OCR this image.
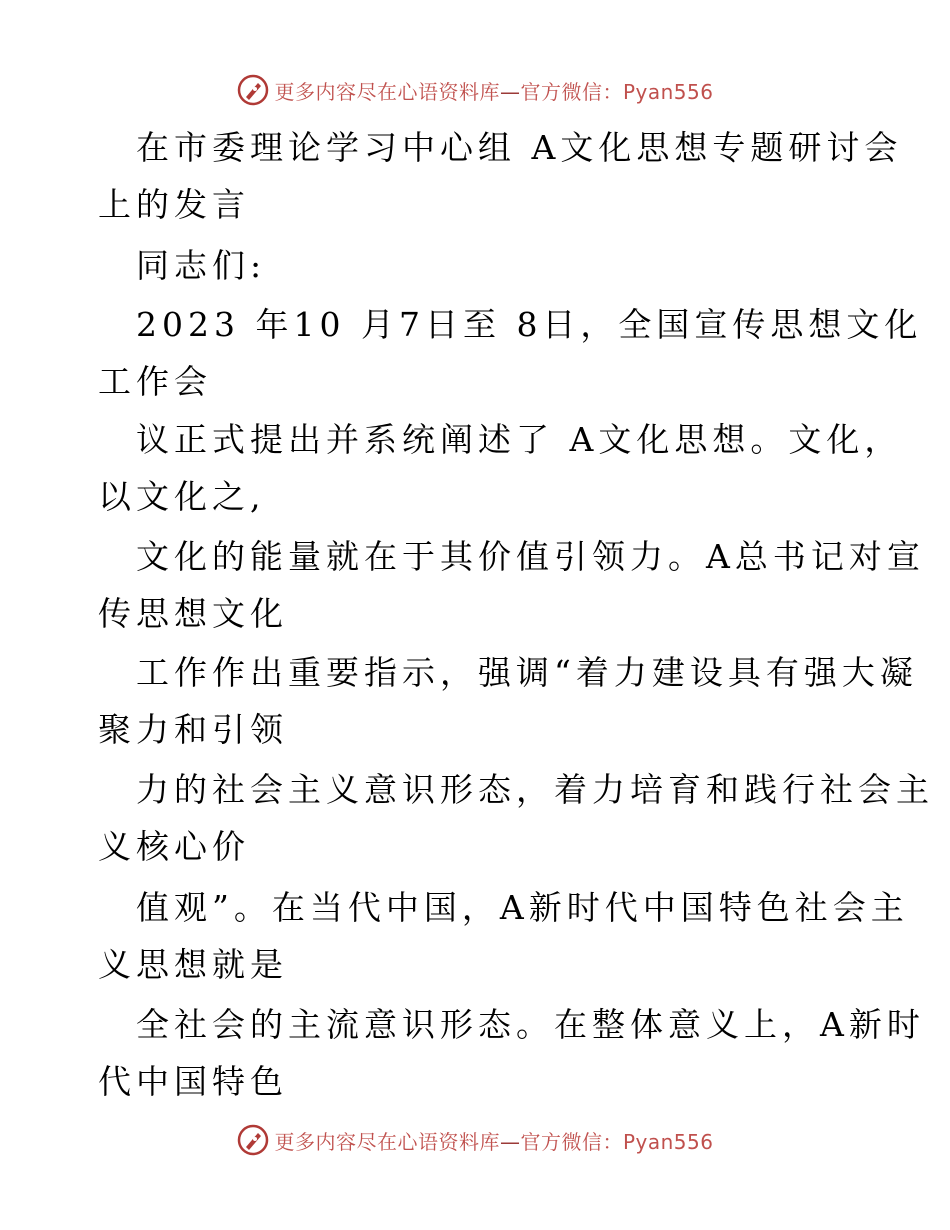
更多内容尽在心语资料库—官方微信：Pyan556
在市委理论学习中心组 A文化思想专题研讨会
上的发言
同志们:
2023 年10 月7日至 8日，全国宣传思想文化
工作会
议正式提出并系统阐述了 A文化思想。文化，
以文化之,
文化的能量就在于其价值引领力。A总书记对宣
传思想文化
工作作出重要指示，强调“着力建设具有强大凝
聚力和引领
力的社会主义意识形态，着力培育和践行社会主
义核心价
值观”。在当代中国，A新时代中国特色社会主
义思想就是
全社会的主流意识形态。在整体意义上，A新时
代中国特色
更多内容尽在心语资料库—官方微信：Pyan556
